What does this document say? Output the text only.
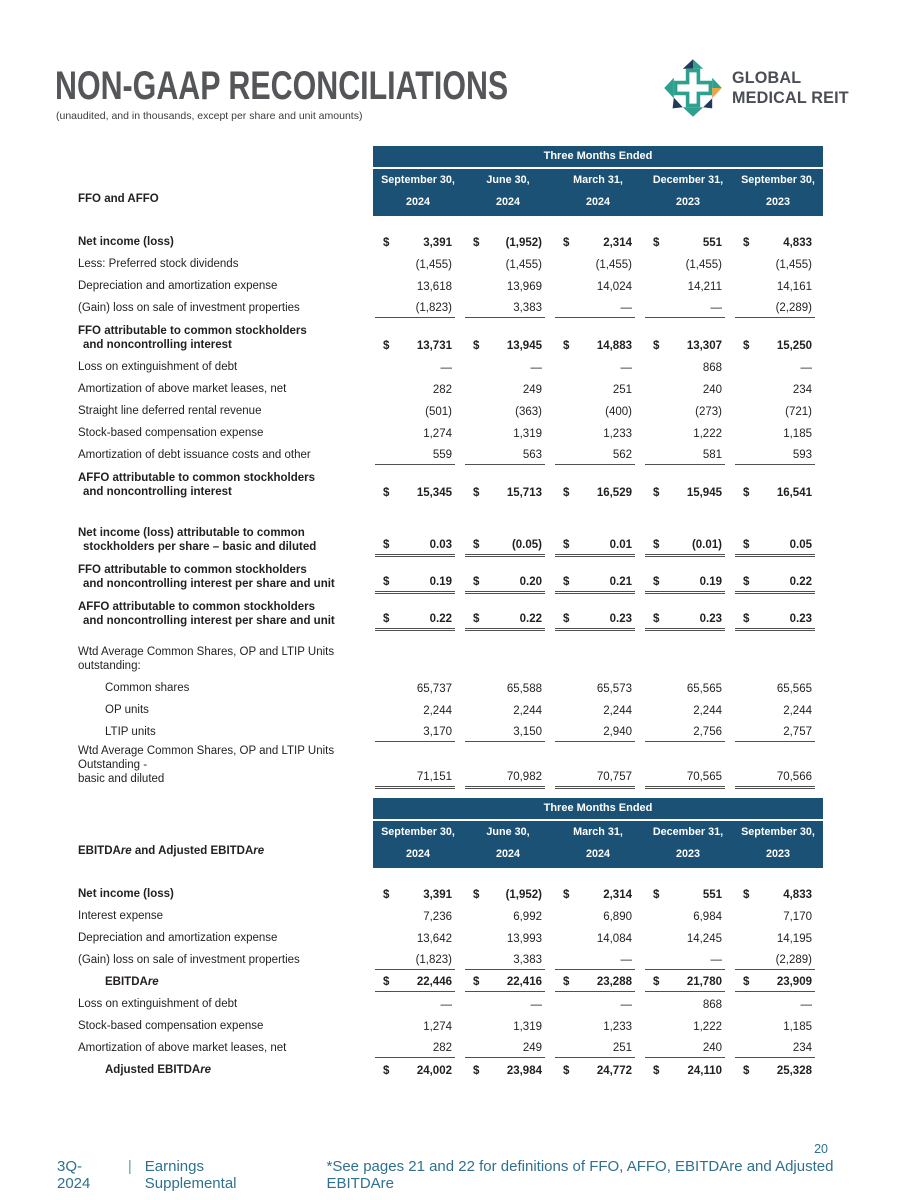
NON-GAAP RECONCILIATIONS
(unaudited, and in thousands, except per share and unit amounts)
GLOBAL
MEDICAL REIT
FFO and AFFO
Three Months Ended
September 30,
2024
June 30,
2024
March 31,
2024
December 31,
2023
September 30,
2023
Net income (loss)	$	3,391 $ (1,952) $	2,314 $	551 $	4,833
Less: Preferred stock dividends	(1,455)	(1,455)	(1,455)	(1,455)	(1,455)
Depreciation and amortization expense	13,618	13,969	14,024	14,211	14,161
(Gain) loss on sale of investment properties	(1,823)	3,383	—	—	(2,289)
FFO attributable to common stockholders
and noncontrolling interest	$ 13,731 $ 13,945 $ 14,883 $ 13,307 $ 15,250
Loss on extinguishment of debt	—	—	—	868	—
Amortization of above market leases, net	282	249	251	240	234
Straight line deferred rental revenue	(501)	(363)	(400)	(273)	(721)
Stock-based compensation expense	1,274	1,319	1,233	1,222	1,185
Amortization of debt issuance costs and other	559	563	562	581	593
AFFO attributable to common stockholders
and noncontrolling interest	$ 15,345 $ 15,713 $ 16,529 $ 15,945 $ 16,541
Net income (loss) attributable to common
stockholders per share – basic and diluted	$	0.03 $	(0.05) $	0.01 $	(0.01) $	0.05
FFO attributable to common stockholders
and noncontrolling interest per share and unit	$	0.19 $	0.20 $	0.21 $	0.19 $	0.22
AFFO attributable to common stockholders
and noncontrolling interest per share and unit	$	0.22 $	0.22 $	0.23 $	0.23 $	0.23
Wtd Average Common Shares, OP and LTIP Units outstanding:
Common shares	65,737	65,588	65,573	65,565	65,565
OP units	2,244	2,244	2,244	2,244	2,244
LTIP units	3,170	3,150	2,940	2,756	2,757
Wtd Average Common Shares, OP and LTIP Units Outstanding -
basic and diluted	71,151	70,982	70,757	70,565	70,566
EBITDAre and Adjusted EBITDAre
Three Months Ended
September 30,
2024
June 30,
2024
March 31,
2024
December 31,
2023
September 30,
2023
Net income (loss)	$	3,391 $ (1,952) $	2,314 $	551 $	4,833
Interest expense	7,236	6,992	6,890	6,984	7,170
Depreciation and amortization expense	13,642	13,993	14,084	14,245	14,195
(Gain) loss on sale of investment properties	(1,823)	3,383	—	—	(2,289)
EBITDAre	$ 22,446 $ 22,416 $ 23,288 $ 21,780 $ 23,909
Loss on extinguishment of debt	—	—	—	868	—
Stock-based compensation expense	1,274	1,319	1,233	1,222	1,185
Amortization of above market leases, net	282	249	251	240	234
Adjusted EBITDAre	$ 24,002 $ 23,984 $ 24,772 $ 24,110 $ 25,328
3Q-2024
| Earnings Supplemental
*See pages 21 and 22 for definitions of FFO, AFFO, EBITDAre and Adjusted EBITDAre
20
